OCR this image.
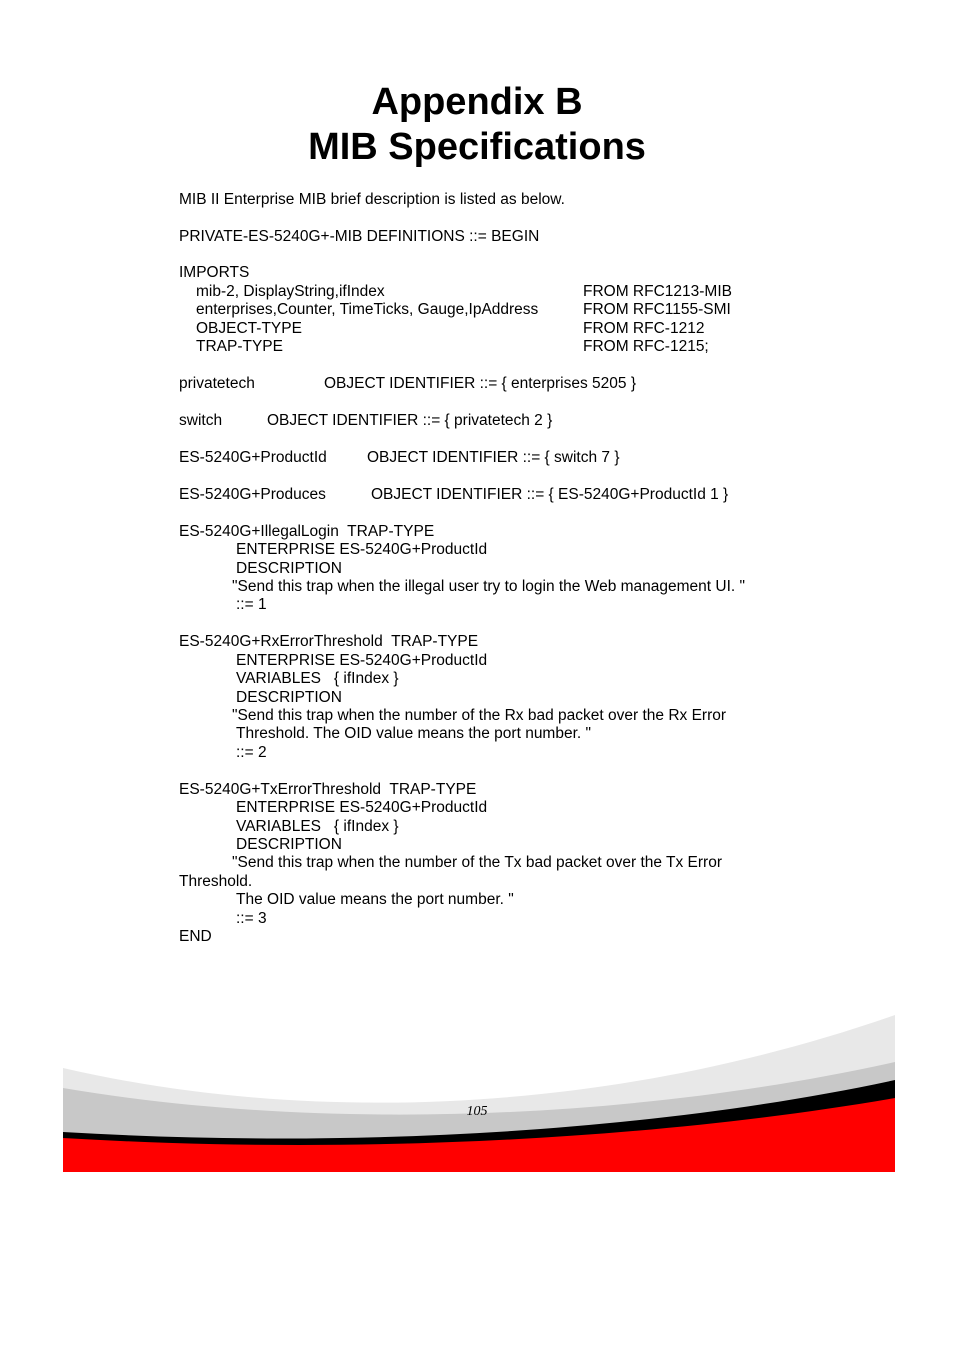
Appendix B
MIB Specifications
MIB II Enterprise MIB brief description is listed as below.
PRIVATE-ES-5240G+-MIB DEFINITIONS ::= BEGIN
IMPORTS
mib-2, DisplayString,ifIndex	FROM RFC1213-MIB
enterprises,Counter, TimeTicks, Gauge,IpAddress	FROM RFC1155-SMI
OBJECT-TYPE	FROM RFC-1212
TRAP-TYPE	FROM RFC-1215;
privatetech	OBJECT IDENTIFIER ::= { enterprises 5205 }
switch	OBJECT IDENTIFIER ::= { privatetech 2 }
ES-5240G+ProductId	OBJECT IDENTIFIER ::= { switch 7 }
ES-5240G+Produces	OBJECT IDENTIFIER ::= { ES-5240G+ProductId 1 }
ES-5240G+IllegalLogin  TRAP-TYPE
ENTERPRISE ES-5240G+ProductId
DESCRIPTION
"Send this trap when the illegal user try to login the Web management UI. "
::= 1
ES-5240G+RxErrorThreshold  TRAP-TYPE
ENTERPRISE ES-5240G+ProductId
VARIABLES   { ifIndex }
DESCRIPTION
"Send this trap when the number of the Rx bad packet over the Rx Error
Threshold. The OID value means the port number. "
::= 2
ES-5240G+TxErrorThreshold  TRAP-TYPE
ENTERPRISE ES-5240G+ProductId
VARIABLES   { ifIndex }
DESCRIPTION
"Send this trap when the number of the Tx bad packet over the Tx Error
Threshold.
The OID value means the port number. "
::= 3
END
105
